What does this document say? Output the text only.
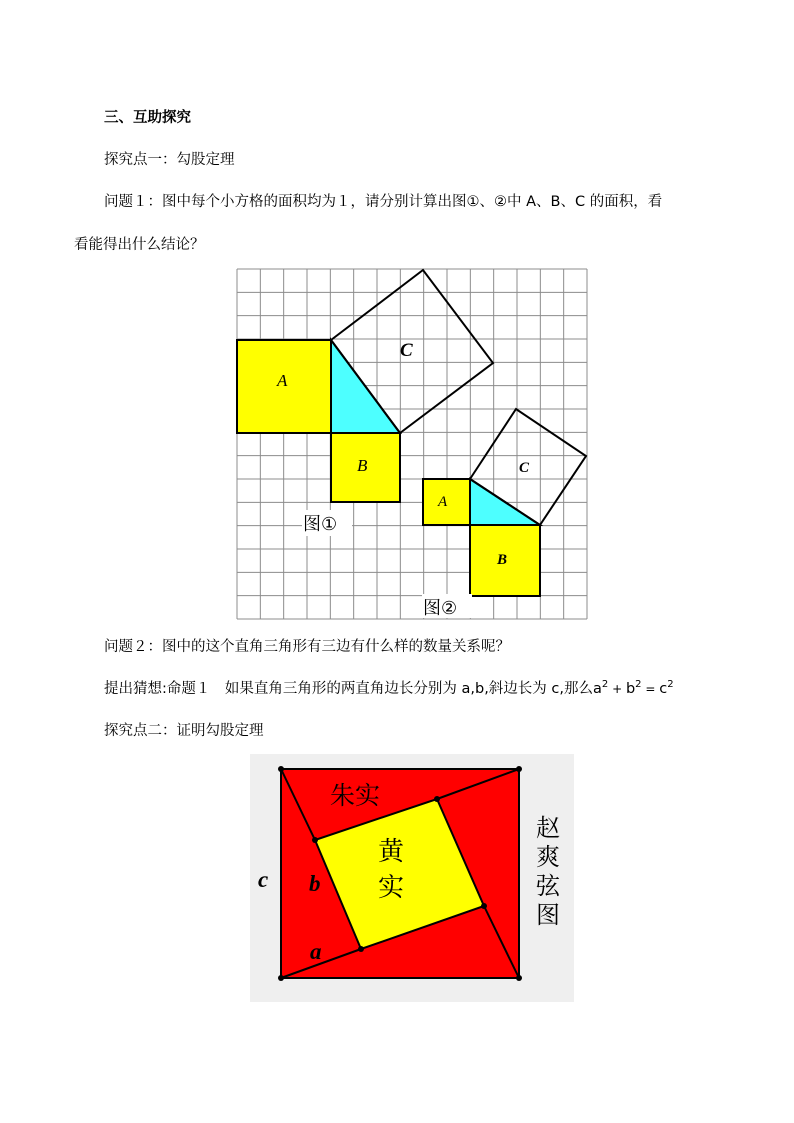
三、互助探究
探究点一：勾股定理
问题１：图中每个小方格的面积均为１，请分别计算出图①、②中 A、B、C 的面积，看
看能得出什么结论？
A
B
C
A
B
C
图①
图②
问题２：图中的这个直角三角形有三边有什么样的数量关系呢？
提出猜想:命题１　如果直角三角形的两直角边长分别为 a,b,斜边长为 c,那么$a^2 + b^2 = c^2$
探究点二：证明勾股定理
朱实
黄
实
c b
a
赵
爽
弦
图
